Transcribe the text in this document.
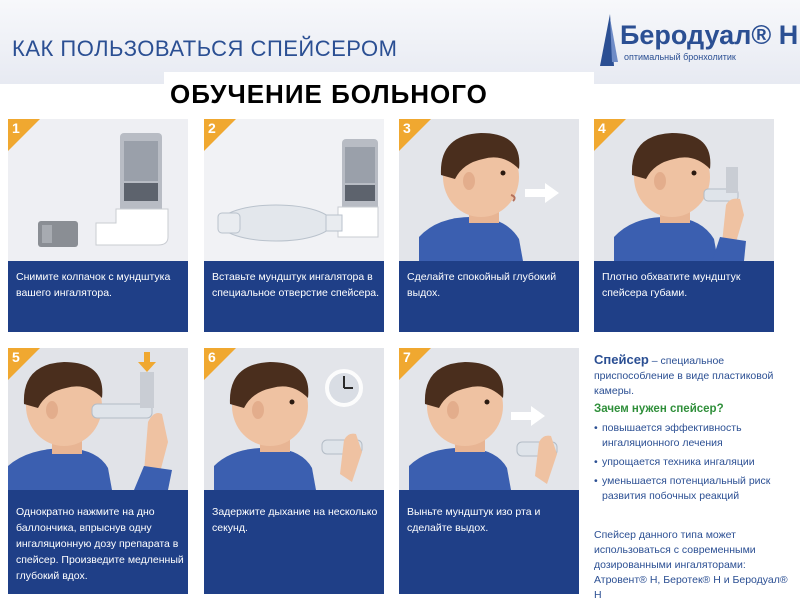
КАК ПОЛЬЗОВАТЬСЯ СПЕЙСЕРОМ	Беродуал® Н
оптимальный бронхолитик
ОБУЧЕНИЕ БОЛЬНОГО
1
Снимите колпачок с мундштука вашего ингалятора.
2
Вставьте мундштук ингалятора в специальное отверстие спейсера.
3
Сделайте спокойный глубокий выдох.
4
Плотно обхватите мундштук спейсера губами.
5
Однократно нажмите на дно баллончика, впрыснув одну ингаляционную дозу препарата в спейсер. Произведите медленный глубокий вдох.
6
Задержите дыхание на несколько секунд.
7
Выньте мундштук изо рта и сделайте выдох.
Спейсер – специальное приспособление в виде пластиковой камеры.
Зачем нужен спейсер?
• повышается эффективность ингаляционного лечения
• упрощается техника ингаляции
• уменьшается потенциальный риск развития побочных реакций
Спейсер данного типа может использоваться с современными дозированными ингаляторами: Атровент® Н, Беротек® Н и Беродуал® Н
